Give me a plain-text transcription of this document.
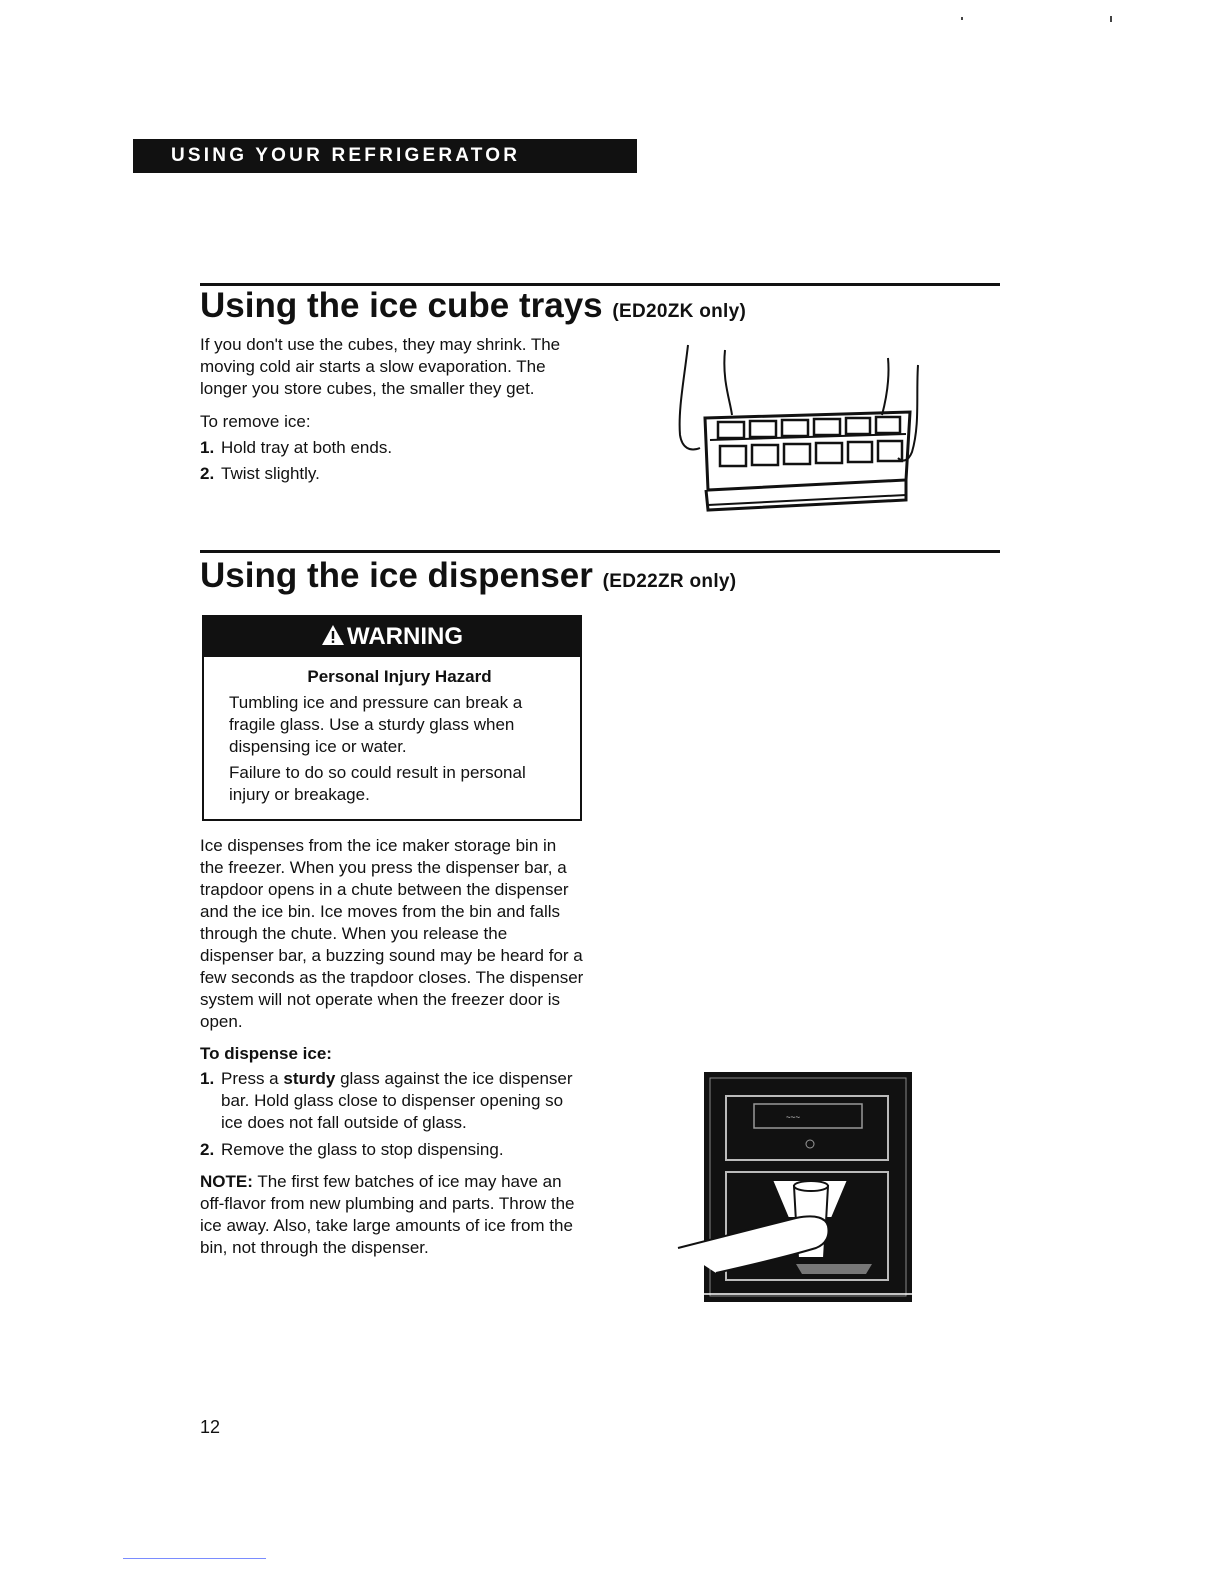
USING YOUR REFRIGERATOR
Using the ice cube trays (ED20ZK only)

If you don't use the cubes, they may shrink. The moving cold air starts a slow evaporation. The longer you store cubes, the smaller they get.

To remove ice:

1. Hold tray at both ends.
2. Twist slightly.
Using the ice dispenser (ED22ZR only)
WARNING
Personal Injury Hazard

Tumbling ice and pressure can break a fragile glass. Use a sturdy glass when dispensing ice or water.

Failure to do so could result in personal injury or breakage.

Ice dispenses from the ice maker storage bin in the freezer. When you press the dispenser bar, a trapdoor opens in a chute between the dispenser and the ice bin. Ice moves from the bin and falls through the chute. When you release the dispenser bar, a buzzing sound may be heard for a few seconds as the trapdoor closes. The dispenser system will not operate when the freezer door is open.

To dispense ice:

1. Press a sturdy glass against the ice dispenser bar. Hold glass close to dispenser opening so ice does not fall outside of glass.
2. Remove the glass to stop dispensing.

NOTE: The first few batches of ice may have an off-flavor from new plumbing and parts. Throw the ice away. Also, take large amounts of ice from the bin, not through the dispenser.

~~~
12
